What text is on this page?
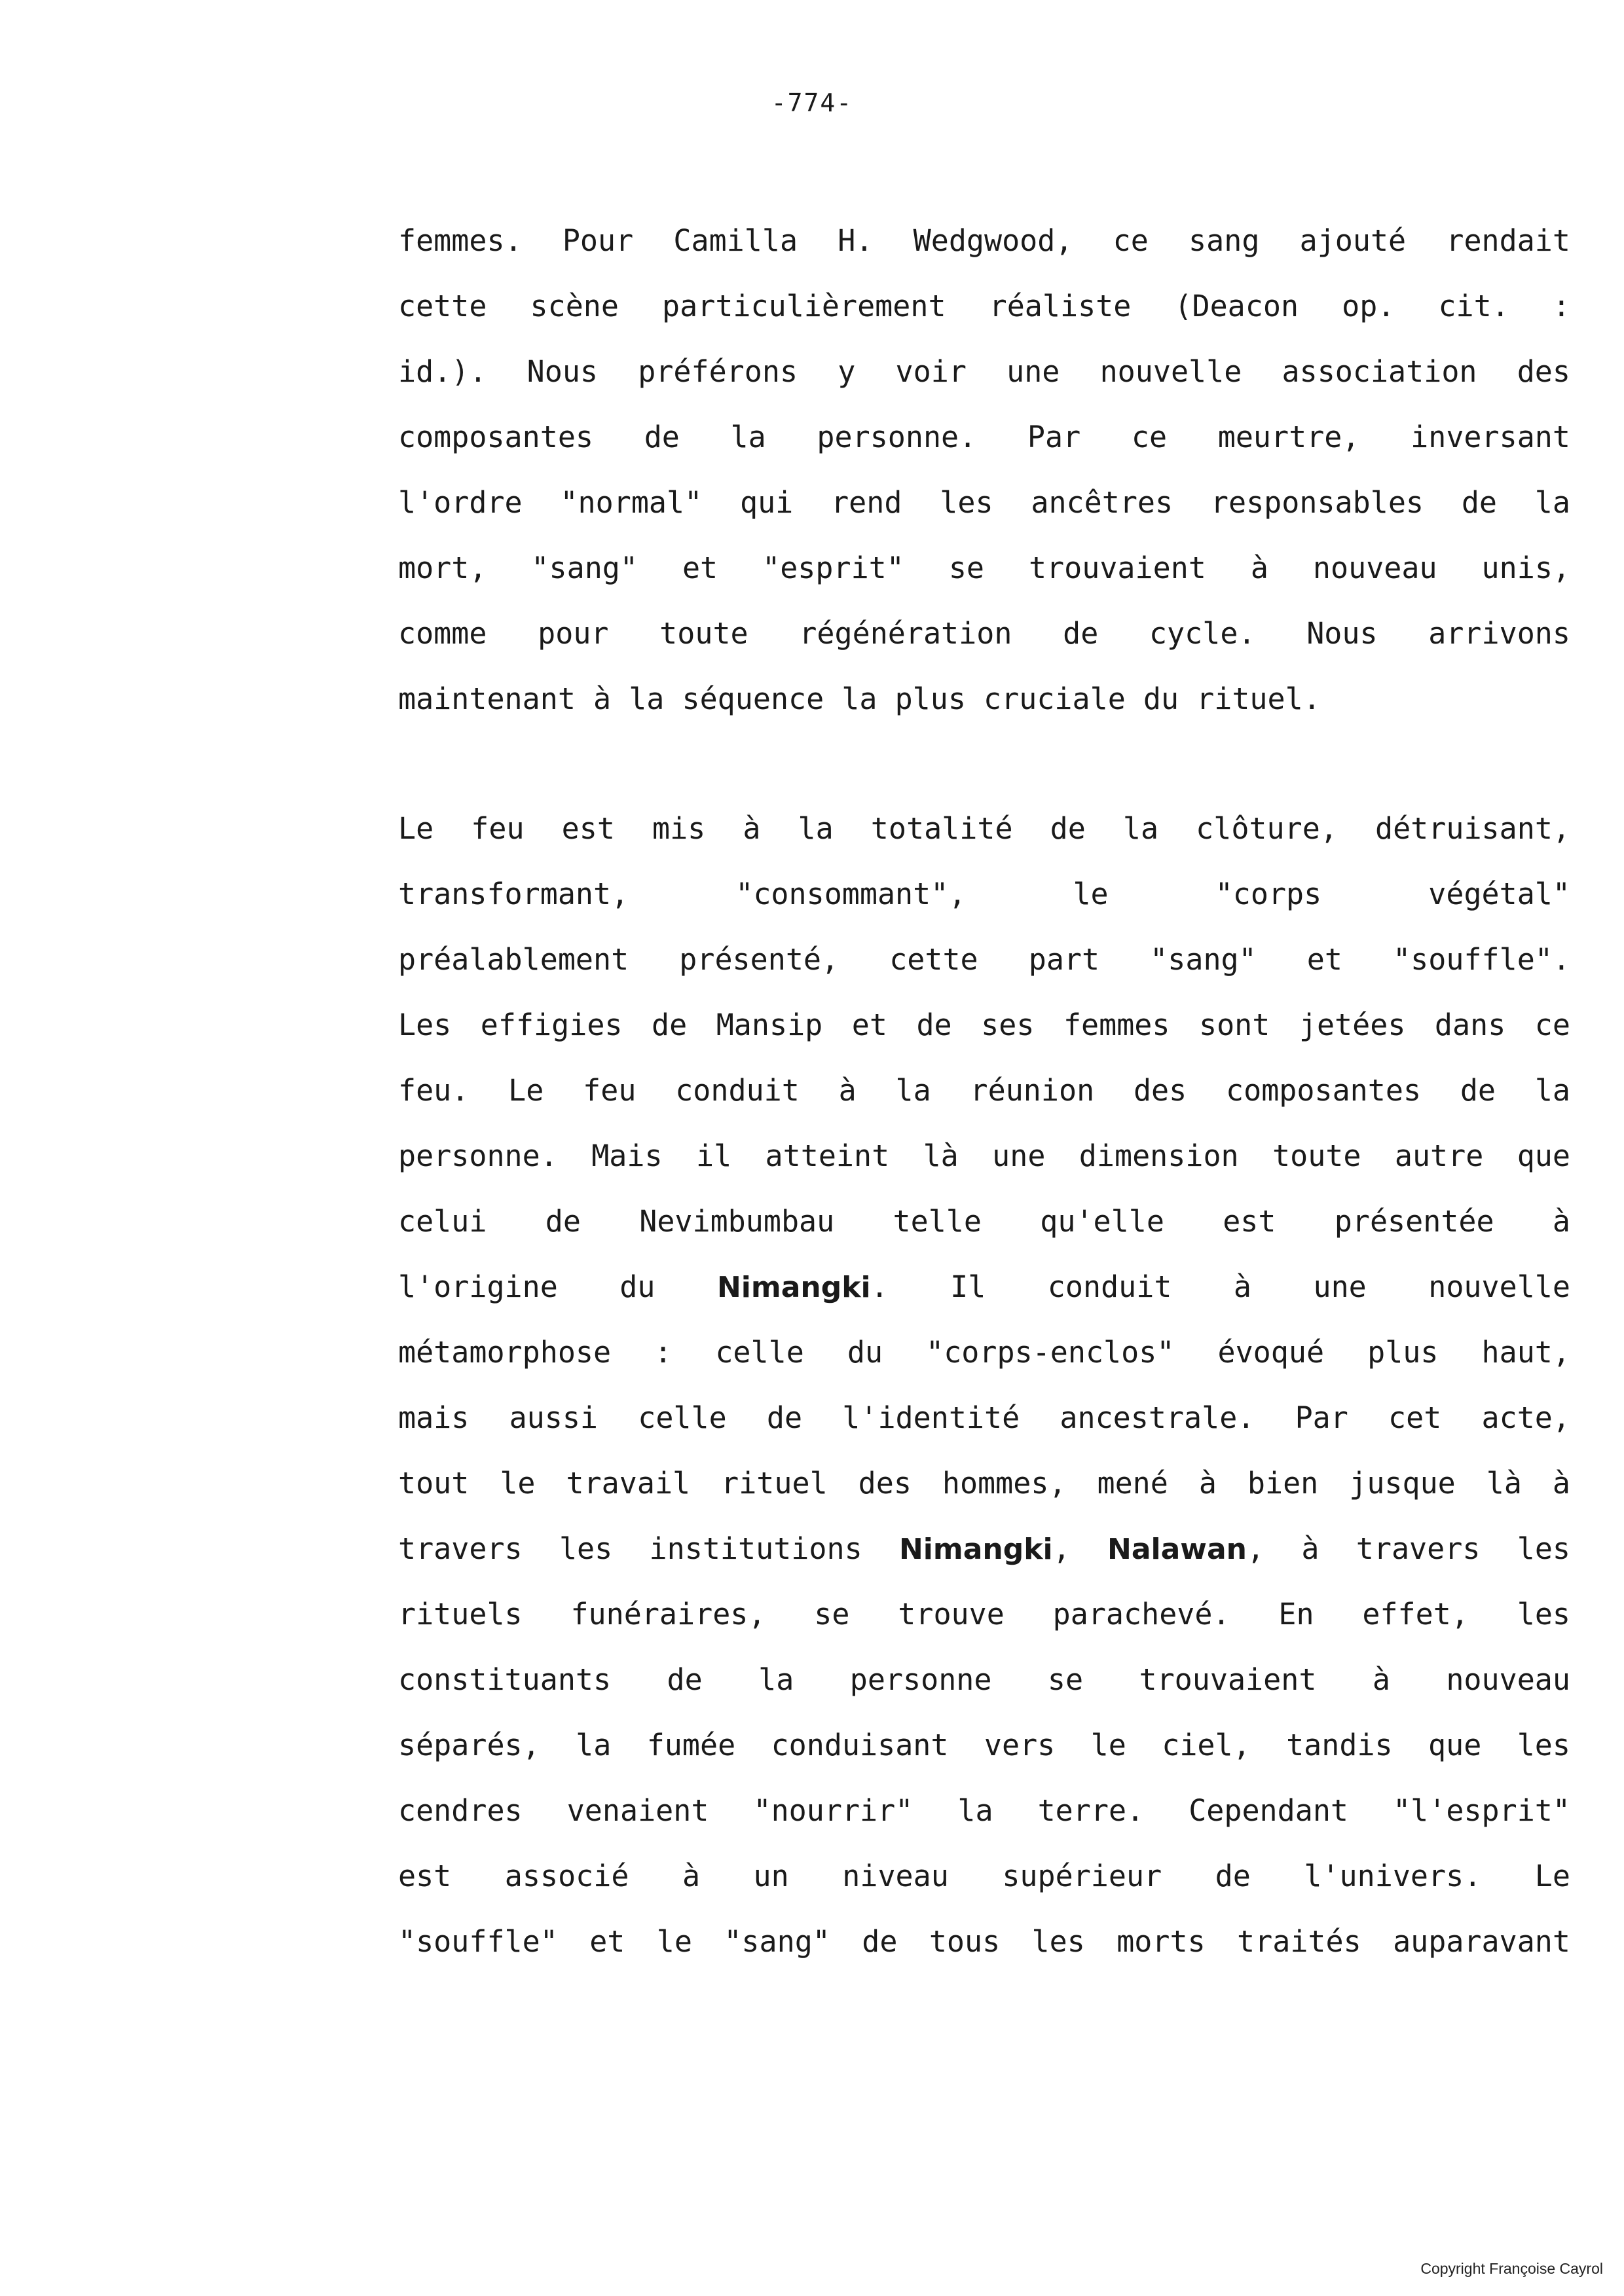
-774-
femmes. Pour Camilla H. Wedgwood, ce sang ajouté rendait
cette scène particulièrement réaliste (Deacon op. cit. :
id.). Nous préférons y voir une nouvelle association des
composantes de la personne. Par ce meurtre, inversant
l'ordre "normal" qui rend les ancêtres responsables de la
mort, "sang" et "esprit" se trouvaient à nouveau unis,
comme pour toute régénération de cycle. Nous arrivons
maintenant à la séquence la plus cruciale du rituel.
Le feu est mis à la totalité de la clôture, détruisant,
transformant, "consommant", le "corps végétal"
préalablement présenté, cette part "sang" et "souffle".
Les effigies de Mansip et de ses femmes sont jetées dans ce
feu. Le feu conduit à la réunion des composantes de la
personne. Mais il atteint là une dimension toute autre que
celui de Nevimbumbau telle qu'elle est présentée à
l'origine du Nimangki. Il conduit à une nouvelle
métamorphose : celle du "corps-enclos" évoqué plus haut,
mais aussi celle de l'identité ancestrale. Par cet acte,
tout le travail rituel des hommes, mené à bien jusque là à
travers les institutions Nimangki, Nalawan, à travers les
rituels funéraires, se trouve parachevé. En effet, les
constituants de la personne se trouvaient à nouveau
séparés, la fumée conduisant vers le ciel, tandis que les
cendres venaient "nourrir" la terre. Cependant "l'esprit"
est associé à un niveau supérieur de l'univers. Le
"souffle" et le "sang" de tous les morts traités auparavant
Copyright Françoise Cayrol
